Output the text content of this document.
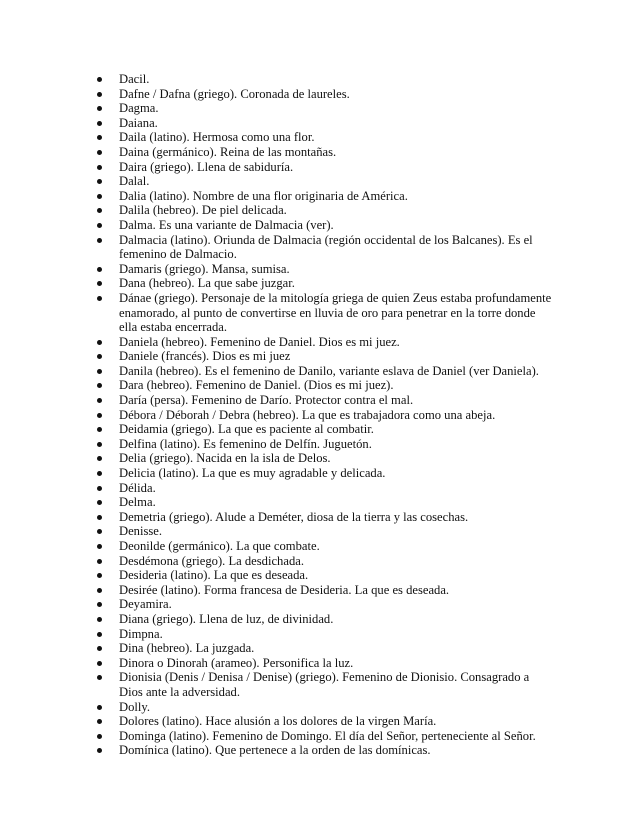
Dacil.
Dafne / Dafna (griego). Coronada de laureles.
Dagma.
Daiana.
Daila (latino). Hermosa como una flor.
Daina (germánico). Reina de las montañas.
Daira (griego). Llena de sabiduría.
Dalal.
Dalia (latino). Nombre de una flor originaria de América.
Dalila (hebreo). De piel delicada.
Dalma. Es una variante de Dalmacia (ver).
Dalmacia (latino). Oriunda de Dalmacia (región occidental de los Balcanes). Es el femenino de Dalmacio.
Damaris (griego). Mansa, sumisa.
Dana (hebreo). La que sabe juzgar.
Dánae (griego). Personaje de la mitología griega de quien Zeus estaba profundamente enamorado, al punto de convertirse en lluvia de oro para penetrar en la torre donde ella estaba encerrada.
Daniela (hebreo). Femenino de Daniel. Dios es mi juez.
Daniele (francés). Dios es mi juez
Danila (hebreo). Es el femenino de Danilo, variante eslava de Daniel (ver Daniela).
Dara (hebreo). Femenino de Daniel. (Dios es mi juez).
Daría (persa). Femenino de Darío. Protector contra el mal.
Débora / Déborah / Debra (hebreo). La que es trabajadora como una abeja.
Deidamia (griego). La que es paciente al combatir.
Delfina (latino). Es femenino de Delfín. Juguetón.
Delia (griego). Nacida en la isla de Delos.
Delicia (latino). La que es muy agradable y delicada.
Délida.
Delma.
Demetria (griego). Alude a Deméter, diosa de la tierra y las cosechas.
Denisse.
Deonilde (germánico). La que combate.
Desdémona (griego). La desdichada.
Desideria (latino). La que es deseada.
Desirée (latino). Forma francesa de Desideria. La que es deseada.
Deyamira.
Diana (griego). Llena de luz, de divinidad.
Dimpna.
Dina (hebreo). La juzgada.
Dinora o Dinorah (arameo). Personifica la luz.
Dionisia (Denis / Denisa / Denise) (griego). Femenino de Dionisio. Consagrado a Dios ante la adversidad.
Dolly.
Dolores (latino). Hace alusión a los dolores de la virgen María.
Dominga (latino). Femenino de Domingo. El día del Señor, perteneciente al Señor.
Domínica (latino). Que pertenece a la orden de las domínicas.
